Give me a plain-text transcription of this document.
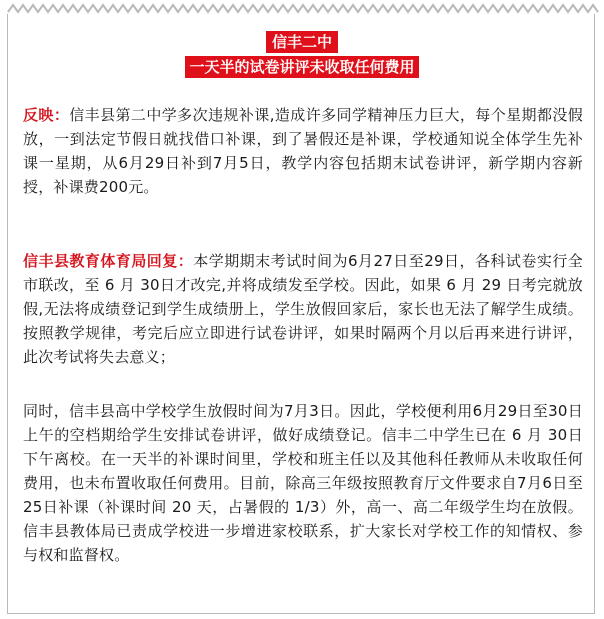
信丰二中
一天半的试卷讲评未收取任何费用
反映：信丰县第二中学多次违规补课,造成许多同学精神压力巨大，每个星期都没假放，一到法定节假日就找借口补课，到了暑假还是补课，学校通知说全体学生先补课一星期，从6月29日补到7月5日，教学内容包括期末试卷讲评，新学期内容新授，补课费200元。
信丰县教育体育局回复：本学期期末考试时间为6月27日至29日，各科试卷实行全市联改，至 6 月 30日才改完,并将成绩发至学校。因此，如果 6 月 29 日考完就放假,无法将成绩登记到学生成绩册上，学生放假回家后，家长也无法了解学生成绩。按照教学规律，考完后应立即进行试卷讲评，如果时隔两个月以后再来进行讲评，此次考试将失去意义；
同时，信丰县高中学校学生放假时间为7月3日。因此，学校便利用6月29日至30日上午的空档期给学生安排试卷讲评，做好成绩登记。信丰二中学生已在 6 月 30日下午离校。在一天半的补课时间里，学校和班主任以及其他科任教师从未收取任何费用，也未布置收取任何费用。目前，除高三年级按照教育厅文件要求自7月6日至25日补课（补课时间 20 天，占暑假的 1/3）外，高一、高二年级学生均在放假。信丰县教体局已责成学校进一步增进家校联系，扩大家长对学校工作的知情权、参与权和监督权。
